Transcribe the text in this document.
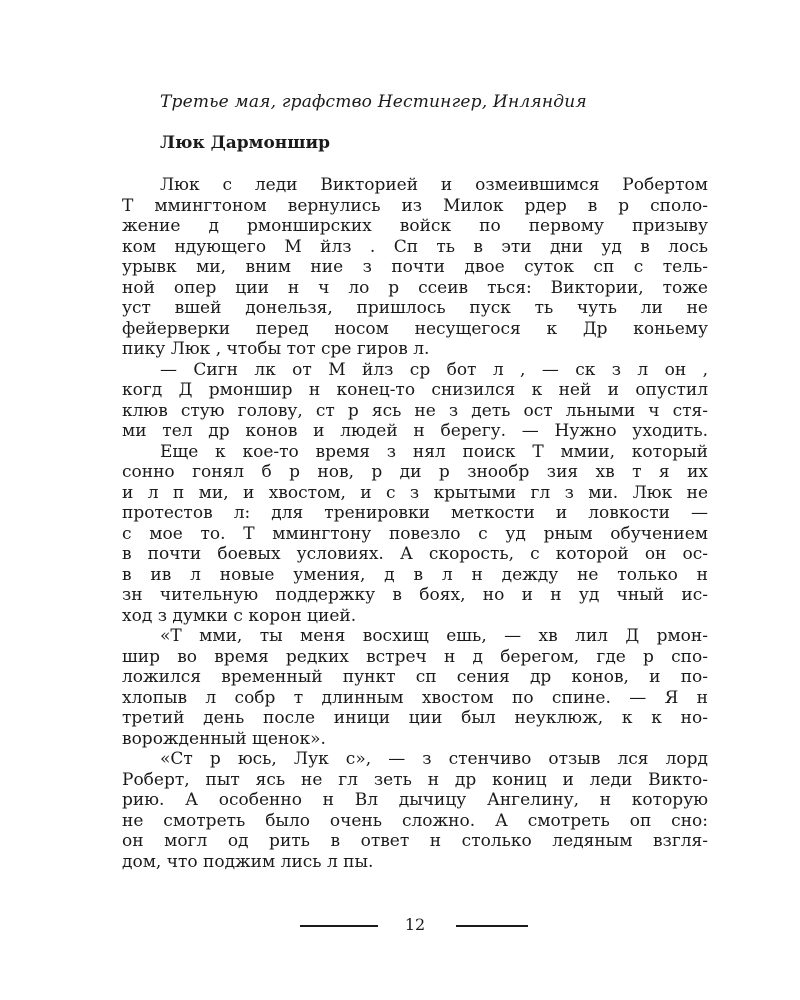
Третье мая, графство Нестингер, Инляндия
Люк Дармоншир
Люк с леди Викторией и озмеившимся Робертом
Т ммингтоном вернулись из Милок рдер в р споло-
жение д рмонширских войск по первому призыву
ком ндующего М йлз . Сп ть в эти дни уд в лось
урывк ми, вним ние з почти двое суток сп с тель-
ной опер ции н ч ло р ссеив ться: Виктории, тоже
уст вшей донельзя, пришлось пуск ть чуть ли не
фейерверки перед носом несущегося к Др коньему
пику Люк , чтобы тот сре гиров л.
— Сигн лк от М йлз ср бот л , — ск з л он ,
когд Д рмоншир н конец-то снизился к ней и опустил
клюв стую голову, ст р ясь не з деть ост льными ч стя-
ми тел др конов и людей н берегу. — Нужно уходить.
Еще к кое-то время з нял поиск Т ммии, который
сонно гонял б р нов, р ди р знообр зия хв т я их
и л п ми, и хвостом, и с з крытыми гл з ми. Люк не
протестов л: для тренировки меткости и ловкости —
с мое то. Т ммингтону повезло с уд рным обучением
в почти боевых условиях. А скорость, с которой он ос-
в ив л новые умения, д в л н дежду не только н
зн чительную поддержку в боях, но и н уд чный ис-
ход з думки с корон цией.
«Т мми, ты меня восхищ ешь, — хв лил Д рмон-
шир во время редких встреч н д берегом, где р спо-
ложился временный пункт сп сения др конов, и по-
хлопыв л собр т длинным хвостом по спине. — Я н
третий день после иници ции был неуклюж, к к но-
ворожденный щенок».
«Ст р юсь, Лук с», — з стенчиво отзыв лся лорд
Роберт, пыт ясь не гл зеть н др кониц и леди Викто-
рию. А особенно н Вл дычицу Ангелину, н которую
не смотреть было очень сложно. А смотреть оп сно:
он могл од рить в ответ н столько ледяным взгля-
дом, что поджим лись л пы.
12
